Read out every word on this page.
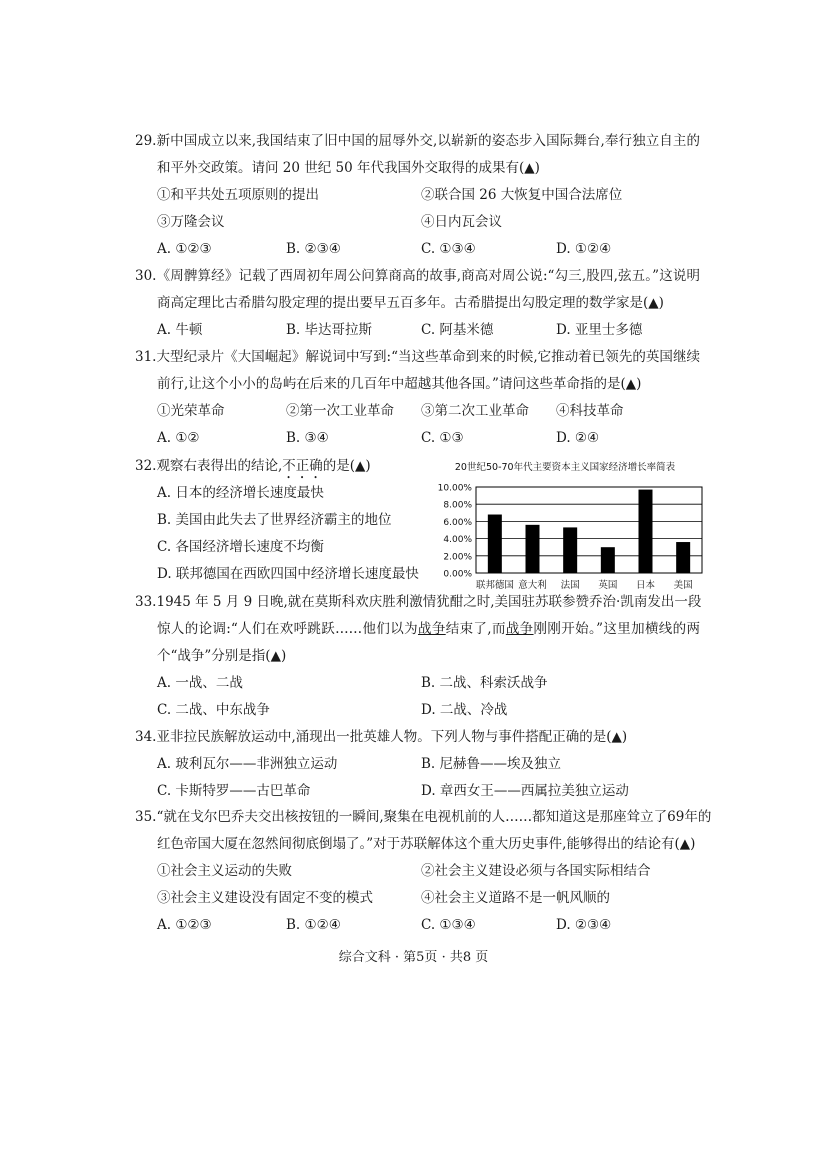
29.新中国成立以来,我国结束了旧中国的屈辱外交,以崭新的姿态步入国际舞台,奉行独立自主的
和平外交政策。请问 20 世纪 50 年代我国外交取得的成果有(▲)
①和平共处五项原则的提出	②联合国 26 大恢复中国合法席位
③万隆会议	④日内瓦会议
A. ①②③	B. ②③④	C. ①③④	D. ①②④
30.《周髀算经》记载了西周初年周公问算商高的故事,商高对周公说:“勾三,股四,弦五。”这说明
商高定理比古希腊勾股定理的提出要早五百多年。古希腊提出勾股定理的数学家是(▲)
A. 牛顿	B. 毕达哥拉斯	C. 阿基米德	D. 亚里士多德
31.大型纪录片《大国崛起》解说词中写到:“当这些革命到来的时候,它推动着已领先的英国继续
前行,让这个小小的岛屿在后来的几百年中超越其他各国。”请问这些革命指的是(▲)
①光荣革命	②第一次工业革命 ③第二次工业革命 ④科技革命
A. ①②	B. ③④	C. ①③	D. ②④
32.观察右表得出的结论,不正确的是(▲)
A. 日本的经济增长速度最快
B. 美国由此失去了世界经济霸主的地位
C. 各国经济增长速度不均衡
D. 联邦德国在西欧四国中经济增长速度最快
33.1945 年 5 月 9 日晚,就在莫斯科欢庆胜利激情犹酣之时,美国驻苏联参赞乔治·凯南发出一段
惊人的论调:“人们在欢呼跳跃……他们以为战争结束了,而战争刚刚开始。”这里加横线的两
个“战争”分别是指(▲)
A. 一战、二战	B. 二战、科索沃战争
C. 二战、中东战争	D. 二战、冷战
34.亚非拉民族解放运动中,涌现出一批英雄人物。下列人物与事件搭配正确的是(▲)
A. 玻利瓦尔——非洲独立运动	B. 尼赫鲁——埃及独立
C. 卡斯特罗——古巴革命	D. 章西女王——西属拉美独立运动
35.“就在戈尔巴乔夫交出核按钮的一瞬间,聚集在电视机前的人……都知道这是那座耸立了69年的
红色帝国大厦在忽然间彻底倒塌了。”对于苏联解体这个重大历史事件,能够得出的结论有(▲)
①社会主义运动的失败	②社会主义建设必须与各国实际相结合
③社会主义建设没有固定不变的模式	④社会主义道路不是一帆风顺的
A. ①②③	B. ①②④	C. ①③④	D. ②③④
20世纪50-70年代主要资本主义国家经济增长率简表
0.00%
2.00%
4.00%
6.00%
8.00%
10.00%
联邦德国 意大利 法国 英国 日本 美国
综合文科 · 第5页 · 共8 页
